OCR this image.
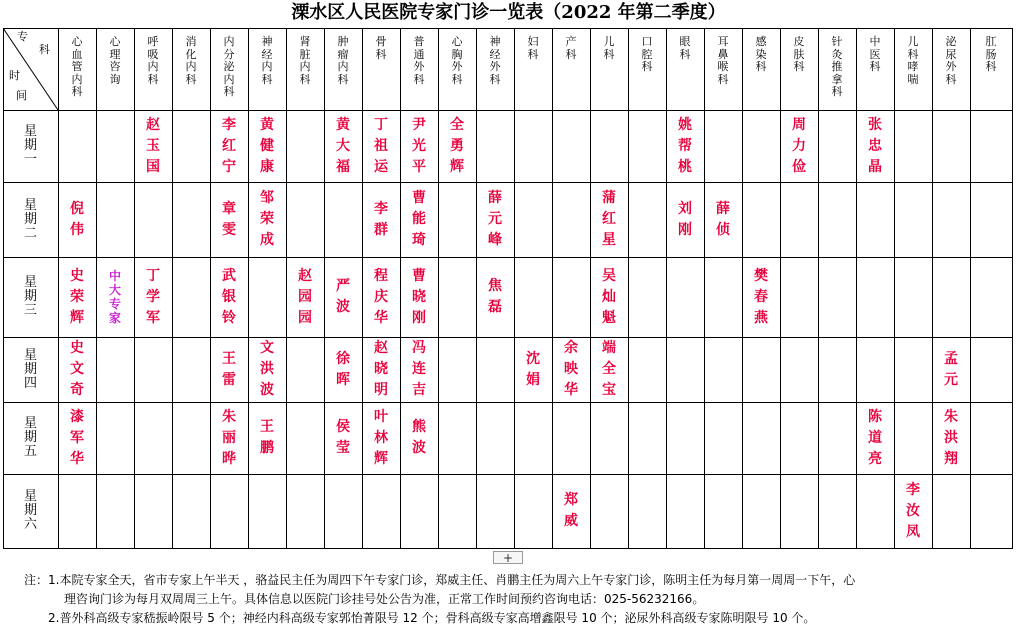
溧水区人民医院专家门诊一览表（2022 年第二季度）
专
科
时
间
心
血
管
内
科
心
理
咨
询
呼
吸
内
科
消
化
内
科
内
分
泌
内
科
神
经
内
科
肾
脏
内
科
肿
瘤
内
科
骨
科
普
通
外
科
心
胸
外
科
神
经
外
科
妇
科
产
科
儿
科
口
腔
科
眼
科
耳
鼻
喉
科
感
染
科
皮
肤
科
针
灸
推
拿
科
中
医
科
儿
科
哮
喘
泌
尿
外
科
肛
肠
科
星
期
一
星
期
二
星
期
三
星
期
四
星
期
五
星
期
六
赵
玉
国
李
红
宁
黄
健
康
黄
大
福
丁
祖
运
尹
光
平
全
勇
辉
姚
帮
桃
周
力
俭
张
忠
晶
倪
伟
章
雯
邹
荣
成
李
群
曹
能
琦
薛
元
峰
蒲
红
星
刘
刚
薛
侦
史
荣
辉
中
大
专
家
丁
学
军
武
银
铃
赵
园
园
严
波
程
庆
华
曹
晓
刚
焦
磊
吴
灿
魁
樊
春
燕
史
文
奇
王
雷
文
洪
波
徐
晖
赵
晓
明
冯
连
吉
沈
娟
余
映
华
端
全
宝
孟
元
漆
军
华
朱
丽
晔
王
鹏
侯
莹
叶
林
辉
熊
波
陈
道
亮
朱
洪
翔
郑
威
李
汝
凤
+

注：1.本院专家全天，省市专家上午半天 ，骆益民主任为周四下午专家门诊，郑威主任、肖鹏主任为周六上午专家门诊，陈明主任为每月第一周周一下午，心

理咨询门诊为每月双周周三上午。具体信息以医院门诊挂号处公告为准，正常工作时间预约咨询电话：025-56232166。

2.普外科高级专家嵇振岭限号 5 个；神经内科高级专家郭怡菁限号 12 个；骨科高级专家高增鑫限号 10 个；泌尿外科高级专家陈明限号 10 个。
